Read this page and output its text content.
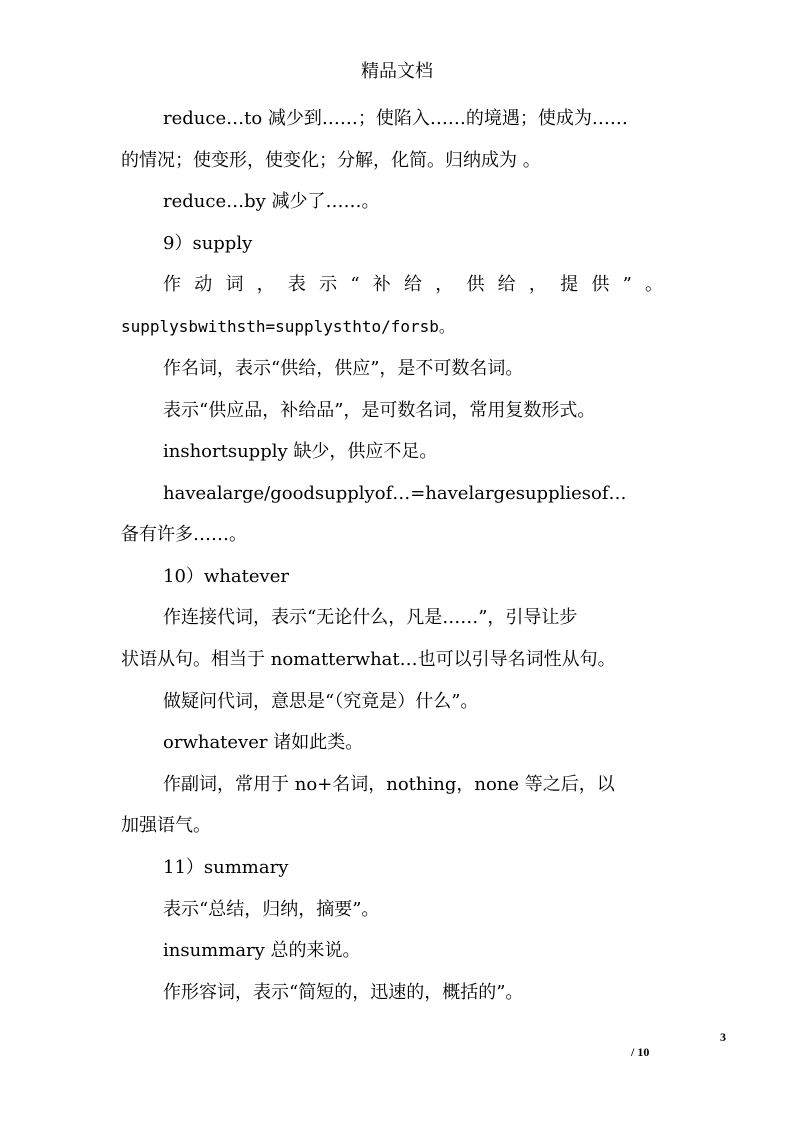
精品文档
reduce…to 减少到……；使陷入……的境遇；使成为……
的情况；使变形，使变化；分解，化简。归纳成为 。
reduce…by 减少了……。
9）supply
作动词，表示“补给，供给，提供”。
supplysbwithsth=supplysthto/forsb。
作名词，表示“供给，供应”，是不可数名词。
表示“供应品，补给品”，是可数名词，常用复数形式。
inshortsupply 缺少，供应不足。
havealarge/goodsupplyof…=havelargesuppliesof…
备有许多……。
10）whatever
作连接代词，表示“无论什么，凡是……”，引导让步
状语从句。相当于 nomatterwhat…也可以引导名词性从句。
做疑问代词，意思是“（究竟是）什么”。
orwhatever 诸如此类。
作副词，常用于 no+名词，nothing，none 等之后，以
加强语气。
11）summary
表示“总结，归纳，摘要”。
insummary 总的来说。
作形容词，表示“简短的，迅速的，概括的”。
3
/ 10
